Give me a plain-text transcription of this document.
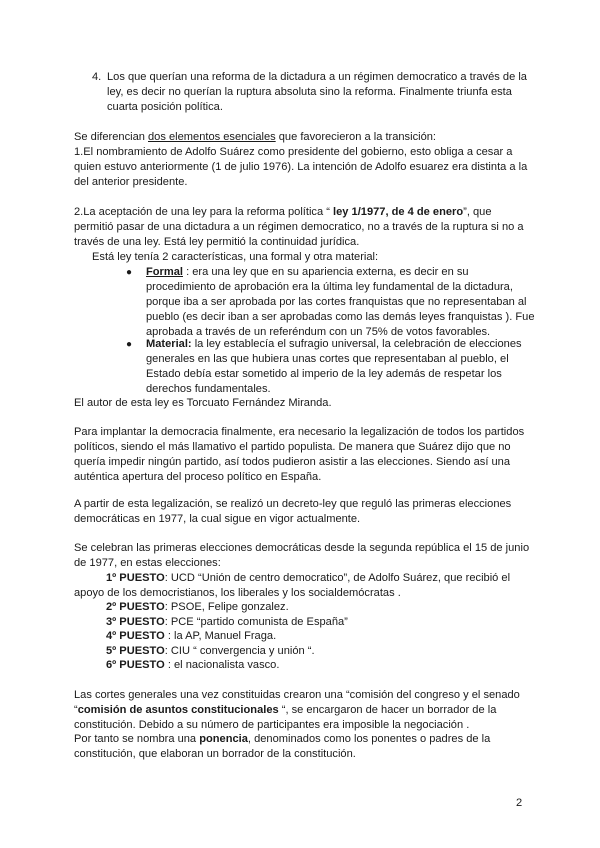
4. Los que querían una reforma de la dictadura a un régimen democratico a través de la ley, es decir no querían la ruptura absoluta sino la reforma. Finalmente triunfa esta cuarta posición política.

Se diferencian dos elementos esenciales que favorecieron a la transición:

1.El nombramiento de Adolfo Suárez como presidente del gobierno, esto obliga a cesar a quien estuvo anteriormente (1 de julio 1976). La intención de Adolfo esuarez era distinta a la del anterior presidente.

2.La aceptación de una ley para la reforma política “ ley 1/1977, de 4 de enero”, que permitió pasar de una dictadura a un régimen democratico, no a través de la ruptura si no a través de una ley. Está ley permitió la continuidad jurídica.

Está ley tenía 2 características, una formal y otra material:
●	Formal : era una ley que en su apariencia externa, es decir en su procedimiento de aprobación era la última ley fundamental de la dictadura, porque iba a ser aprobada por las cortes franquistas que no representaban al pueblo (es decir iban a ser aprobadas como las demás leyes franquistas ). Fue aprobada a través de un referéndum con un 75% de votos favorables.
●	Material: la ley establecía el sufragio universal, la celebración de elecciones generales en las que hubiera unas cortes que representaban al pueblo, el Estado debía estar sometido al imperio de la ley además de respetar los derechos fundamentales.

El autor de esta ley es Torcuato Fernández Miranda.

Para implantar la democracia finalmente, era necesario la legalización de todos los partidos políticos, siendo el más llamativo el partido populista. De manera que Suárez dijo que no quería impedir ningún partido, así todos pudieron asistir a las elecciones. Siendo así una auténtica apertura del proceso político en España.

A partir de esta legalización, se realizó un decreto-ley que reguló las primeras elecciones democráticas en 1977, la cual sigue en vigor actualmente.

Se celebran las primeras elecciones democráticas desde la segunda república el 15 de junio de 1977, en estas elecciones:

1º PUESTO: UCD “Unión de centro democratico”, de Adolfo Suárez, que recibió el apoyo de los democristianos, los liberales y los socialdemócratas .
2º PUESTO: PSOE, Felipe gonzalez.
3º PUESTO: PCE “partido comunista de España”
4º PUESTO : la AP, Manuel Fraga.
5º PUESTO: CIU “ convergencia y unión “.
6º PUESTO : el nacionalista vasco.

Las cortes generales una vez constituidas crearon una “comisión del congreso y el senado “comisión de asuntos constitucionales “, se encargaron de hacer un borrador de la constitución. Debido a su número de participantes era imposible la negociación .

Por tanto se nombra una ponencia, denominados como los ponentes o padres de la constitución, que elaboran un borrador de la constitución.

2
